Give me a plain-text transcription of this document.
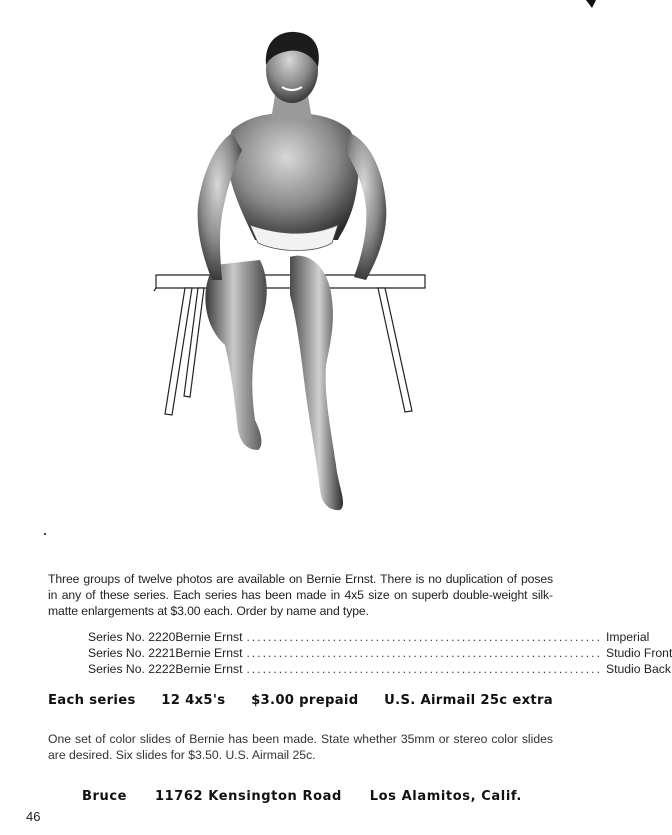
Three groups of twelve photos are available on Bernie Ernst. There is no duplication of poses in any of these series. Each series has been made in 4x5 size on superb double-weight silk-matte enlargements at $3.00 each. Order by name and type.
Series No. 2220 Bernie Ernst .................................................................. Imperial
Series No. 2221 Bernie Ernst .................................................................. Studio Front
Series No. 2222 Bernie Ernst .................................................................. Studio Back
Each series 12 4x5's $3.00 prepaid U.S. Airmail 25c extra
One set of color slides of Bernie has been made. State whether 35mm or stereo color slides are desired. Six slides for $3.50. U.S. Airmail 25c.
Bruce 11762 Kensington Road Los Alamitos, Calif.
46
